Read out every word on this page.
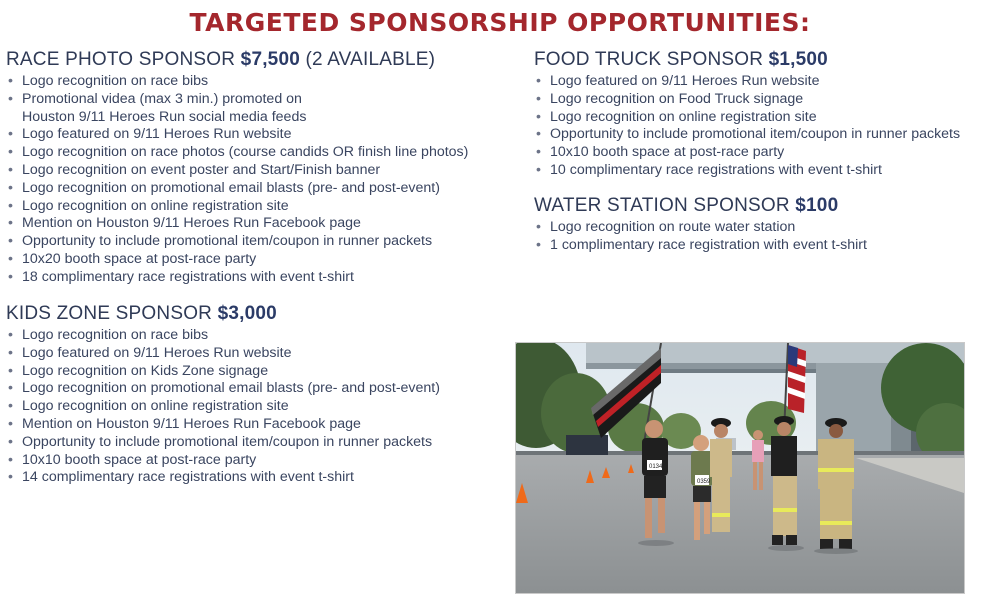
TARGETED SPONSORSHIP OPPORTUNITIES:
RACE PHOTO SPONSOR $7,500 (2 AVAILABLE)
• Logo recognition on race bibs
• Promotional videa (max 3 min.) promoted on
Houston 9/11 Heroes Run social media feeds
• Logo featured on 9/11 Heroes Run website
• Logo recognition on race photos (course candids OR finish line photos)
• Logo recognition on event poster and Start/Finish banner
• Logo recognition on promotional email blasts (pre- and post-event)
• Logo recognition on online registration site
• Mention on Houston 9/11 Heroes Run Facebook page
• Opportunity to include promotional item/coupon in runner packets
• 10x20 booth space at post-race party
• 18 complimentary race registrations with event t-shirt
KIDS ZONE SPONSOR $3,000
• Logo recognition on race bibs
• Logo featured on 9/11 Heroes Run website
• Logo recognition on Kids Zone signage
• Logo recognition on promotional email blasts (pre- and post-event)
• Logo recognition on online registration site
• Mention on Houston 9/11 Heroes Run Facebook page
• Opportunity to include promotional item/coupon in runner packets
• 10x10 booth space at post-race party
• 14 complimentary race registrations with event t-shirt
FOOD TRUCK SPONSOR $1,500
• Logo featured on 9/11 Heroes Run website
• Logo recognition on Food Truck signage
• Logo recognition on online registration site
• Opportunity to include promotional item/coupon in runner packets
• 10x10 booth space at post-race party
• 10 complimentary race registrations with event t-shirt
WATER STATION SPONSOR $100
• Logo recognition on route water station
• 1 complimentary race registration with event t-shirt
01346
0359
